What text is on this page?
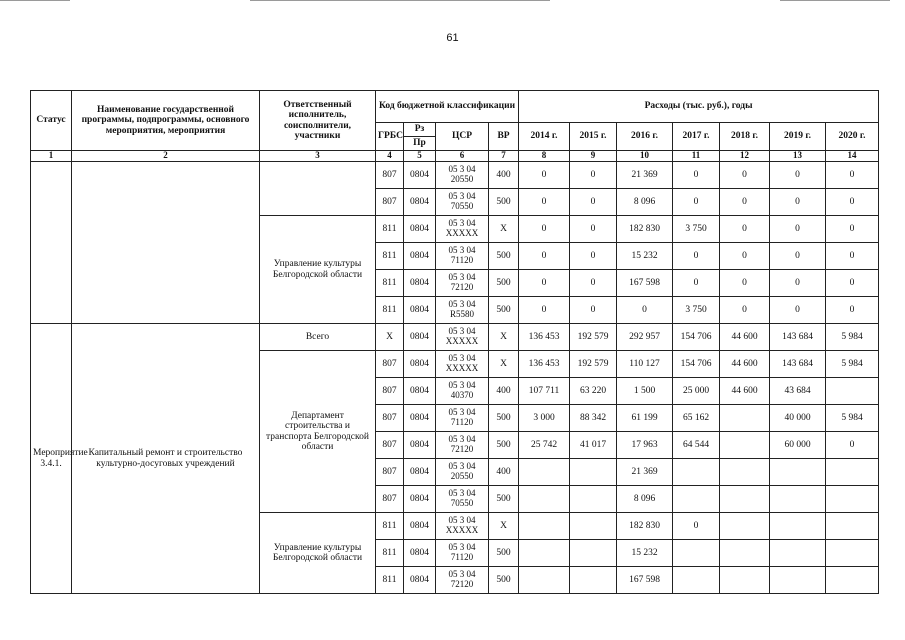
61
Статус	Наименование государственной программы, подпрограммы, основного мероприятия, мероприятия	Ответственный исполнитель, соисполнители, участники	Код бюджетной классификации				Расходы (тыс. руб.), годы						
			ГРБС	Рз	ЦСР	ВР	2014 г.	2015 г.	2016 г.	2017 г.	2018 г.	2019 г.	2020 г.
				Пр									
1	2	3	4	5	6	7	8	9	10	11	12	13	14
			807	0804	05 3 04 20550	400	0	0	21 369	0	0	0	0
			807	0804	05 3 04 70550	500	0	0	8 096	0	0	0	0
		Управление культуры Белгородской области	811	0804	05 3 04 XXXXX	X	0	0	182 830	3 750	0	0	0
			811	0804	05 3 04 71120	500	0	0	15 232	0	0	0	0
			811	0804	05 3 04 72120	500	0	0	167 598	0	0	0	0
			811	0804	05 3 04 R5580	500	0	0	0	3 750	0	0	0
Мероприятие 3.4.1.	Капитальный ремонт и строительство культурно-досуговых учреждений	Всего	X	0804	05 3 04 XXXXX	X	136 453	192 579	292 957	154 706	44 600	143 684	5 984
		Департамент строительства и транспорта Белгородской области	807	0804	05 3 04 XXXXX	X	136 453	192 579	110 127	154 706	44 600	143 684	5 984
			807	0804	05 3 04 40370	400	107 711	63 220	1 500	25 000	44 600	43 684	
			807	0804	05 3 04 71120	500	3 000	88 342	61 199	65 162		40 000	5 984
			807	0804	05 3 04 72120	500	25 742	41 017	17 963	64 544		60 000	0
			807	0804	05 3 04 20550	400			21 369				
			807	0804	05 3 04 70550	500			8 096				
		Управление культуры Белгородской области	811	0804	05 3 04 XXXXX	X			182 830	0			
			811	0804	05 3 04 71120	500			15 232				
			811	0804	05 3 04 72120	500			167 598				
